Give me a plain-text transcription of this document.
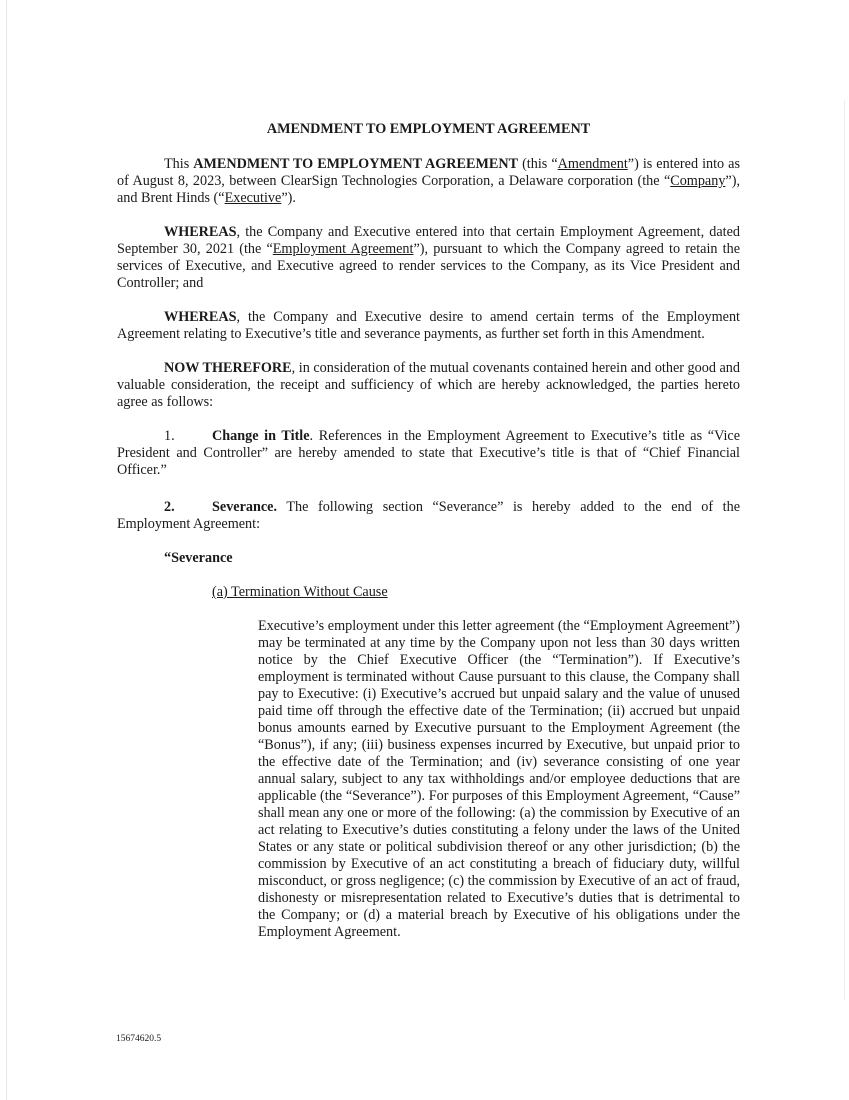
AMENDMENT TO EMPLOYMENT AGREEMENT

This AMENDMENT TO EMPLOYMENT AGREEMENT (this “Amendment”) is entered into as of August 8, 2023, between ClearSign Technologies Corporation, a Delaware corporation (the “Company”), and Brent Hinds (“Executive”).

WHEREAS, the Company and Executive entered into that certain Employment Agreement, dated September 30, 2021 (the “Employment Agreement”), pursuant to which the Company agreed to retain the services of Executive, and Executive agreed to render services to the Company, as its Vice President and Controller; and

WHEREAS, the Company and Executive desire to amend certain terms of the Employment Agreement relating to Executive’s title and severance payments, as further set forth in this Amendment.

NOW THEREFORE, in consideration of the mutual covenants contained herein and other good and valuable consideration, the receipt and sufficiency of which are hereby acknowledged, the parties hereto agree as follows:

1.	Change in Title. References in the Employment Agreement to Executive’s title as “Vice President and Controller” are hereby amended to state that Executive’s title is that of “Chief Financial Officer.”

2.	Severance. The following section “Severance” is hereby added to the end of the Employment Agreement:

“Severance

(a) Termination Without Cause

Executive’s employment under this letter agreement (the “Employment Agreement”) may be terminated at any time by the Company upon not less than 30 days written notice by the Chief Executive Officer (the “Termination”). If Executive’s employment is terminated without Cause pursuant to this clause, the Company shall pay to Executive: (i) Executive’s accrued but unpaid salary and the value of unused paid time off through the effective date of the Termination; (ii) accrued but unpaid bonus amounts earned by Executive pursuant to the Employment Agreement (the “Bonus”), if any; (iii) business expenses incurred by Executive, but unpaid prior to the effective date of the Termination; and (iv) severance consisting of one year annual salary, subject to any tax withholdings and/or employee deductions that are applicable (the “Severance”). For purposes of this Employment Agreement, “Cause” shall mean any one or more of the following: (a) the commission by Executive of an act relating to Executive’s duties constituting a felony under the laws of the United States or any state or political subdivision thereof or any other jurisdiction; (b) the commission by Executive of an act constituting a breach of fiduciary duty, willful misconduct, or gross negligence; (c) the commission by Executive of an act of fraud, dishonesty or misrepresentation related to Executive’s duties that is detrimental to the Company; or (d) a material breach by Executive of his obligations under the Employment Agreement.

15674620.5
